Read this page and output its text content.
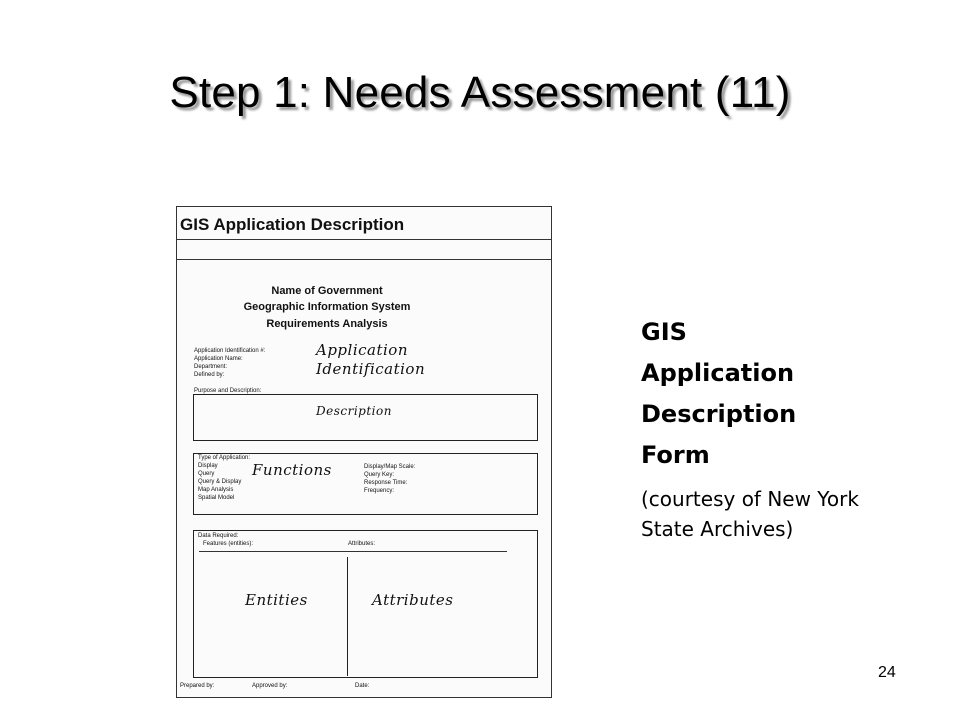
Step 1: Needs Assessment (11)
GIS Application Description
Name of Government
Geographic Information System
Requirements Analysis
Application Identification #:
Application Name:
Department:
Defined by:
Application
Identification
Purpose and Description:
Description
Type of Application:
Display
Query
Query & Display
Map Analysis
Spatial Model
Display/Map Scale:
Query Key:
Response Time:
Frequency:
Functions
Data Required:
Features (entities):	Attributes:
Entities	Attributes
Prepared by:	Approved by:	Date:
GIS
Application
Description
Form
(courtesy of New York State Archives)
24
